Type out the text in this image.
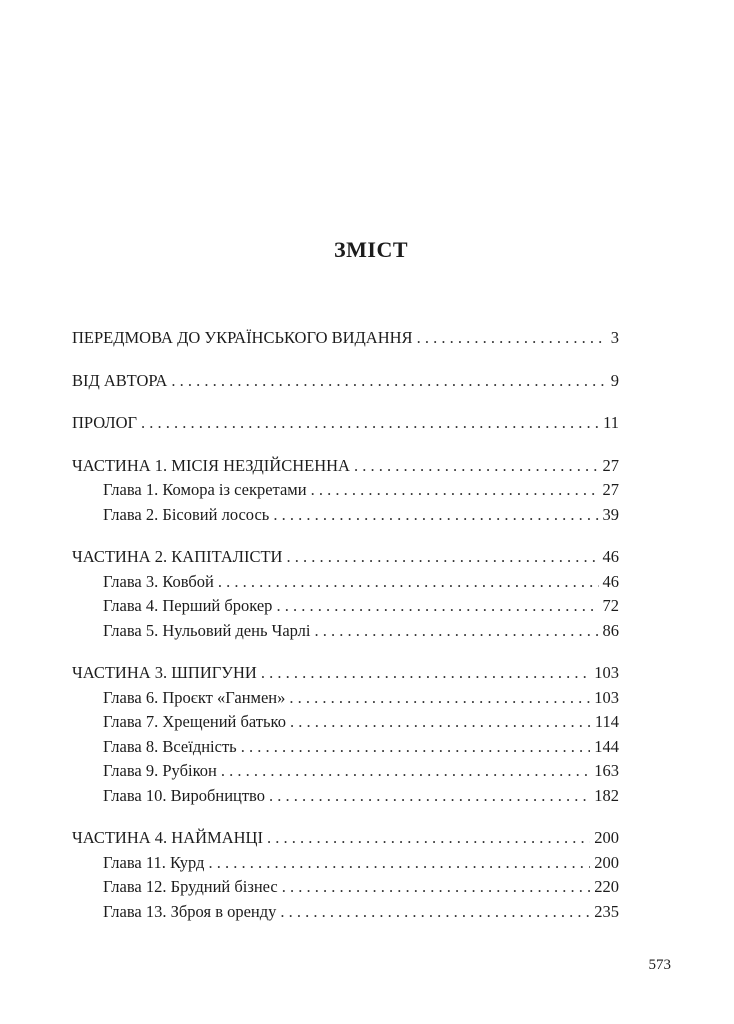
ЗМІСТ
ПЕРЕДМОВА ДО УКРАЇНСЬКОГО ВИДАННЯ . . .	3
ВІД АВТОРА . . .	9
ПРОЛОГ . . .	11
ЧАСТИНА 1. МІСІЯ НЕЗДІЙСНЕННА . . .	27
Глава 1. Комора із секретами . . .	27
Глава 2. Бісовий лосось . . .	39
ЧАСТИНА 2. КАПІТАЛІСТИ . . .	46
Глава 3. Ковбой . . .	46
Глава 4. Перший брокер . . .	72
Глава 5. Нульовий день Чарлі . . .	86
ЧАСТИНА 3. ШПИГУНИ . . .	103
Глава 6. Проєкт «Ганмен» . . .	103
Глава 7. Хрещений батько . . .	114
Глава 8. Всеїдність . . .	144
Глава 9. Рубікон . . .	163
Глава 10. Виробництво . . .	182
ЧАСТИНА 4. НАЙМАНЦІ . . .	200
Глава 11. Курд . . .	200
Глава 12. Брудний бізнес . . .	220
Глава 13. Зброя в оренду . . .	235
573
